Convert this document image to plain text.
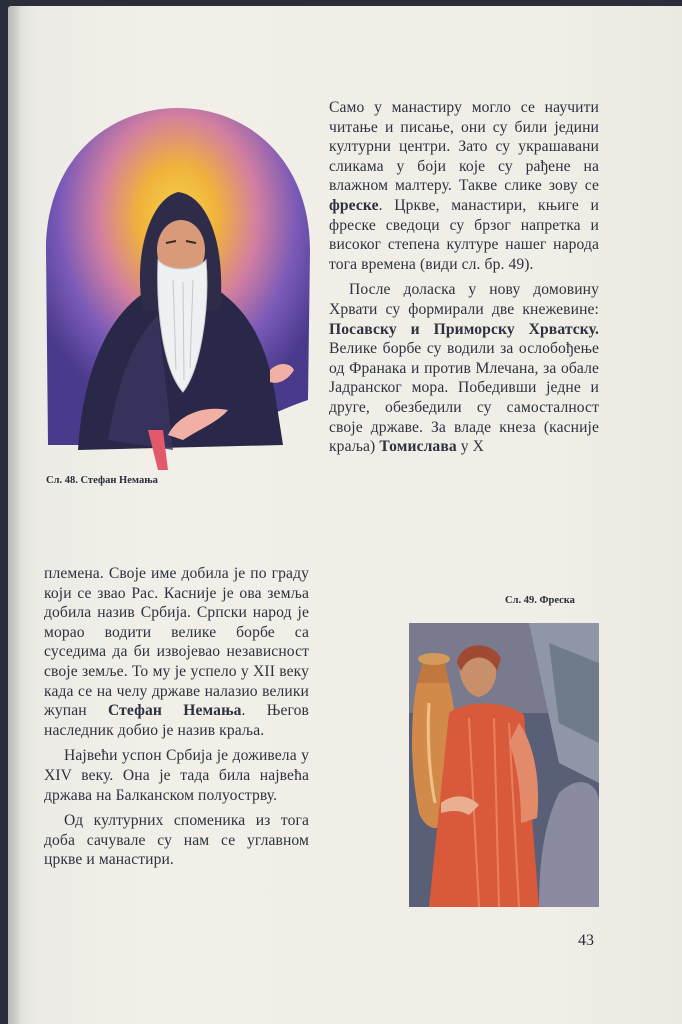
Сл. 48. Стефан Немања

Само у манастиру могло се научити читање и писање, они су били једини културни центри. Зато су украшавани сликама у боји које су рађене на влажном малтеру. Такве слике зову се фреске. Цркве, манастири, књиге и фреске сведоци су брзог напретка и високог степена културе нашег народа тога времена (види сл. бр. 49).

После доласка у нову домовину Хрвати су формирали две кнежевине: Посавску и Приморску Хрватску. Велике борбе су водили за ослобођење од Франака и против Млечана, за обале Јадранског мора. Победивши једне и друге, обезбедили су самосталност своје државе. За владе кнеза (касније краља) Томислава у X

племена. Своје име добила је по граду који се звао Рас. Касније је ова земља добила назив Србија. Српски народ је морао водити велике борбе са суседима да би извојевао независност своје земље. То му је успело у XII веку када се на челу државе налазио велики жупан Стефан Немања. Његов наследник добио је назив краља.

Највећи успон Србија је доживела у XIV веку. Она је тада била највећа држава на Балканском полуострву.

Од културних споменика из тога доба сачувале су нам се углавном цркве и манастири.

Сл. 49. Фреска
43
